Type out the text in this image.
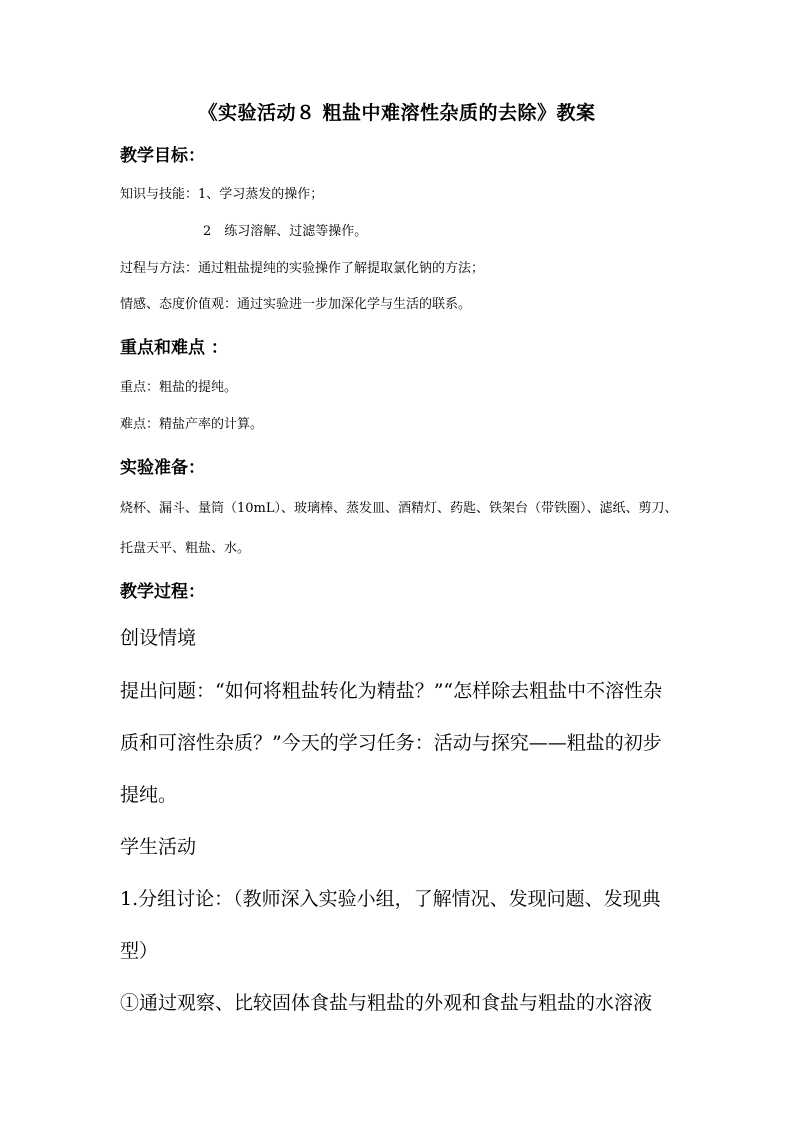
《实验活动８ 粗盐中难溶性杂质的去除》教案
教学目标：
知识与技能：1、学习蒸发的操作；
2　练习溶解、过滤等操作。
过程与方法：通过粗盐提纯的实验操作了解提取氯化钠的方法；
情感、态度价值观：通过实验进一步加深化学与生活的联系。
重点和难点 ：
重点：粗盐的提纯。
难点：精盐产率的计算。
实验准备：
烧杯、漏斗、量筒（10mL）、玻璃棒、蒸发皿、酒精灯、药匙、铁架台（带铁圈）、滤纸、剪刀、托盘天平、粗盐、水。
教学过程：
创设情境
提出问题：“如何将粗盐转化为精盐？”“怎样除去粗盐中不溶性杂质和可溶性杂质？”今天的学习任务：活动与探究——粗盐的初步提纯。
学生活动
1.分组讨论：（教师深入实验小组，了解情况、发现问题、发现典型）
①通过观察、比较固体食盐与粗盐的外观和食盐与粗盐的水溶液
